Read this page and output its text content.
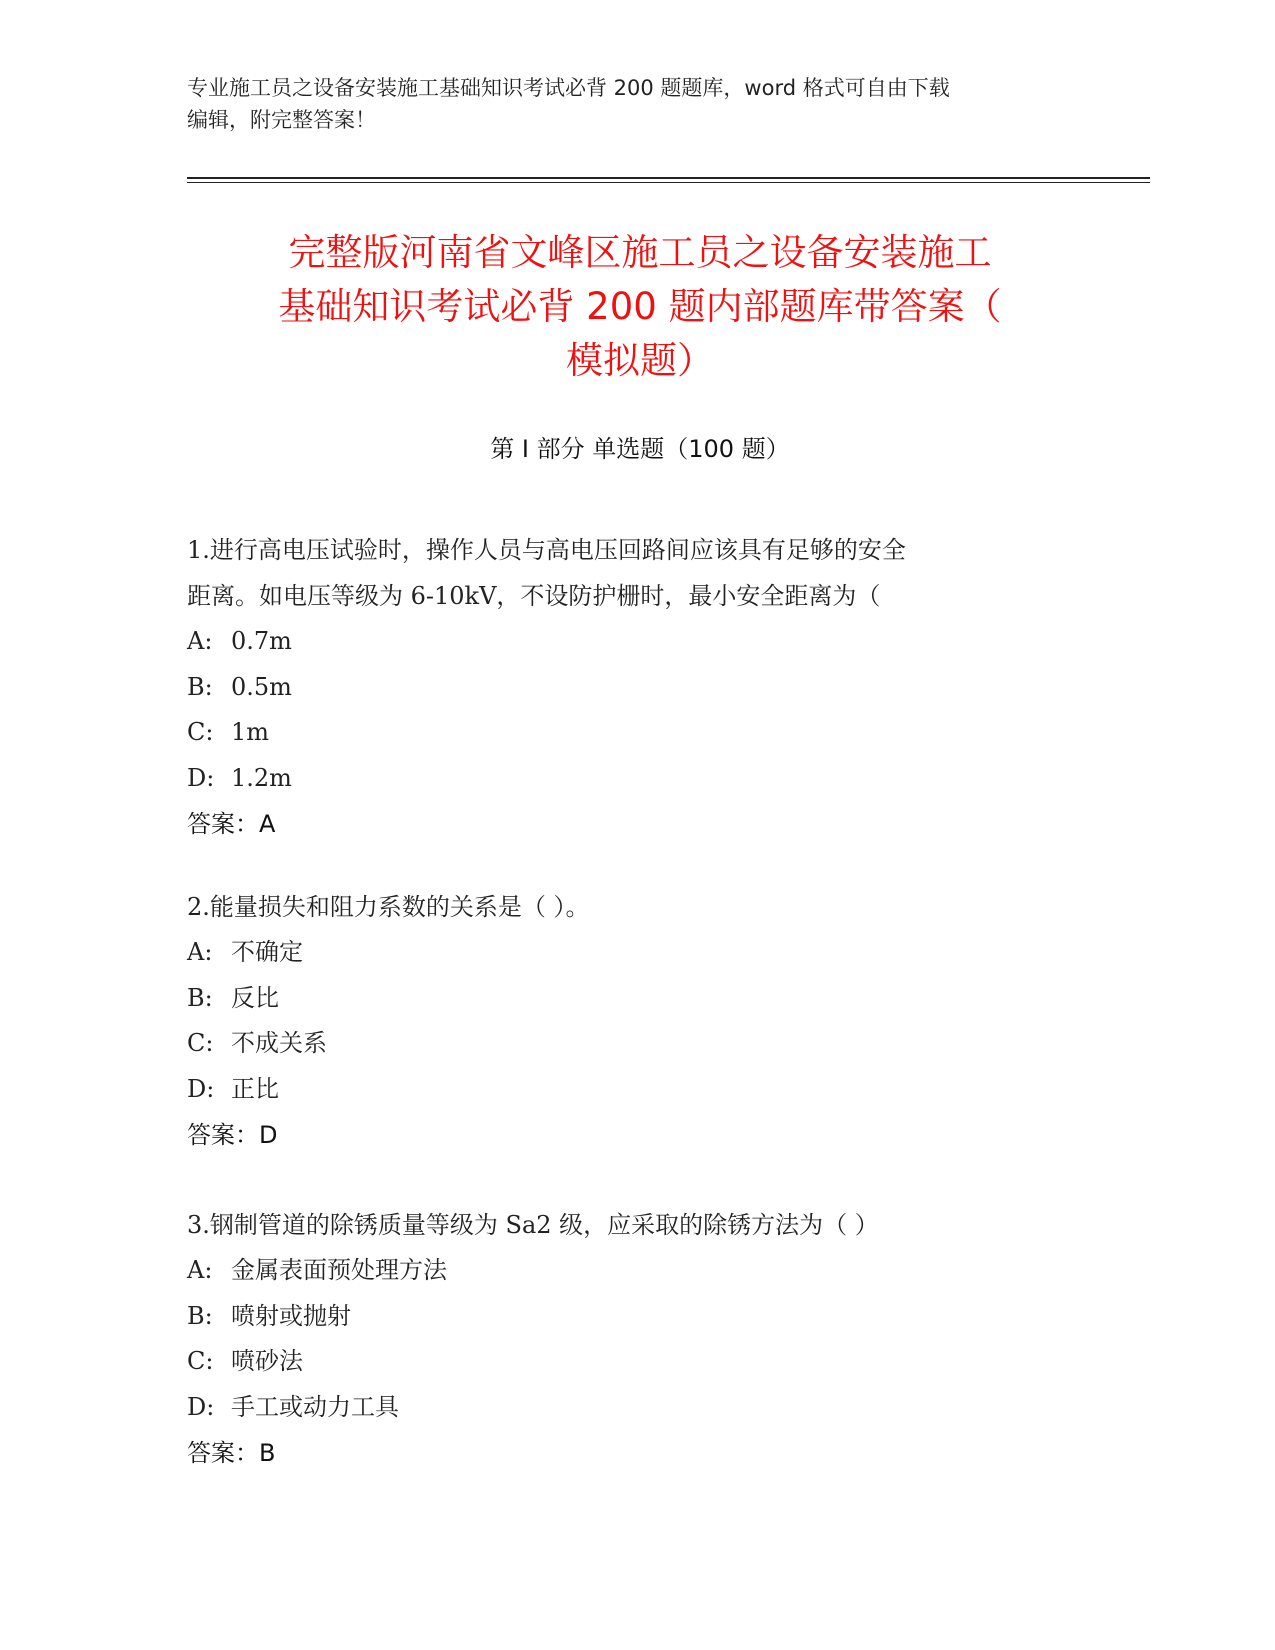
专业施工员之设备安装施工基础知识考试必背 200 题题库，word 格式可自由下载
编辑，附完整答案！
完整版河南省文峰区施工员之设备安装施工
基础知识考试必背 200 题内部题库带答案（
模拟题）
第 I 部分 单选题（100 题）
1.进行高电压试验时，操作人员与高电压回路间应该具有足够的安全
距离。如电压等级为 6-10kV，不设防护栅时，最小安全距离为（
A: 0.7m
B: 0.5m
C: 1m
D: 1.2m
答案：A
2.能量损失和阻力系数的关系是（ ）。
A: 不确定
B: 反比
C: 不成关系
D: 正比
答案：D
3.钢制管道的除锈质量等级为 Sa2 级，应采取的除锈方法为（ ）
A: 金属表面预处理方法
B: 喷射或抛射
C: 喷砂法
D: 手工或动力工具
答案：B
